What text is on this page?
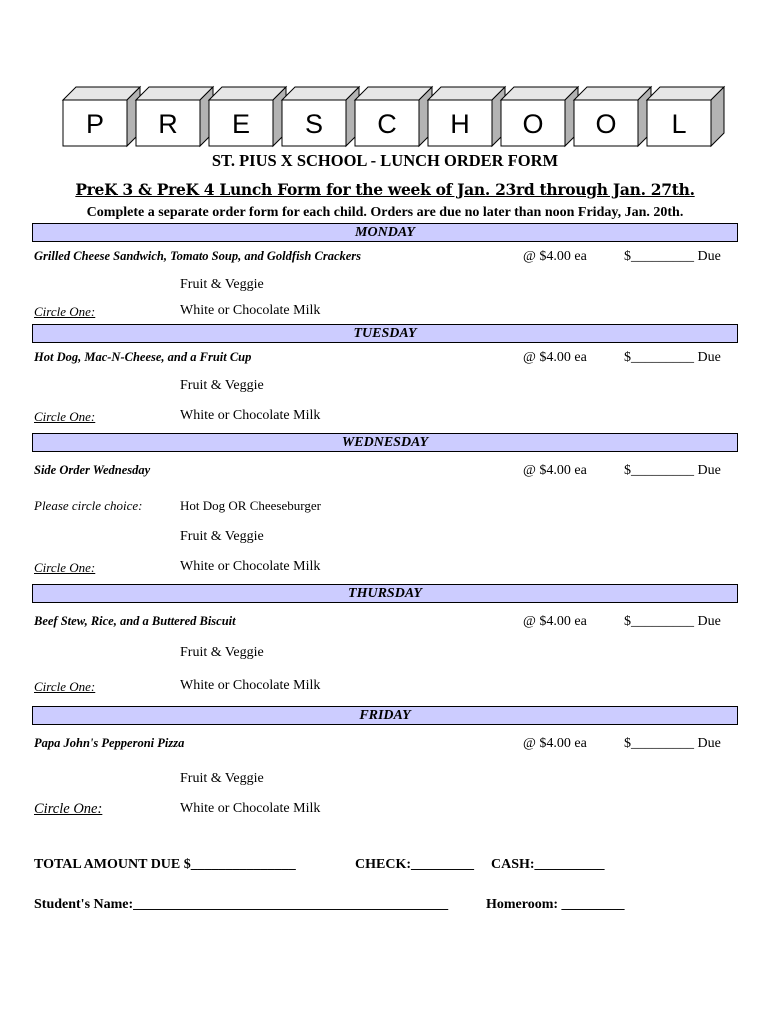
P R E S C H O O L
ST. PIUS X SCHOOL - LUNCH ORDER FORM
PreK 3 & PreK 4 Lunch Form for the week of Jan. 23rd through Jan. 27th.
Complete a separate order form for each child. Orders are due no later than noon Friday, Jan. 20th.
MONDAY
Grilled Cheese Sandwich, Tomato Soup, and Goldfish Crackers	@ $4.00 ea	$_________ Due
Fruit & Veggie
Circle One:	White or Chocolate Milk
TUESDAY
Hot Dog, Mac-N-Cheese, and a Fruit Cup	@ $4.00 ea	$_________ Due
Fruit & Veggie
Circle One:	White or Chocolate Milk
WEDNESDAY
Side Order Wednesday	@ $4.00 ea	$_________ Due
Please circle choice:	Hot Dog OR Cheeseburger
Fruit & Veggie
Circle One:	White or Chocolate Milk
THURSDAY
Beef Stew, Rice, and a Buttered Biscuit	@ $4.00 ea	$_________ Due
Fruit & Veggie
Circle One:	White or Chocolate Milk
FRIDAY
Papa John's Pepperoni Pizza	@ $4.00 ea	$_________ Due
Fruit & Veggie
Circle One:	White or Chocolate Milk
TOTAL AMOUNT DUE $_______________	CHECK:_________ CASH:__________
Student's Name:_____________________________________________	Homeroom: _________
